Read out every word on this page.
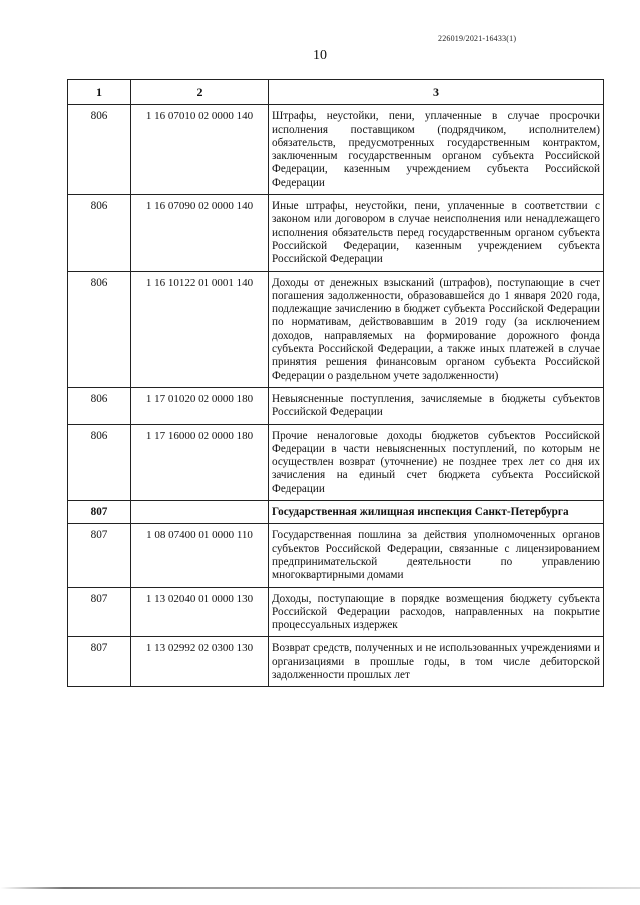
226019/2021-16433(1)
10
1	2	3
806	1 16 07010 02 0000 140	Штрафы, неустойки, пени, уплаченные в случае просрочки исполнения поставщиком (подрядчиком, исполнителем) обязательств, предусмотренных государственным контрактом, заключенным государственным органом субъекта Российской Федерации, казенным учреждением субъекта Российской Федерации
806	1 16 07090 02 0000 140	Иные штрафы, неустойки, пени, уплаченные в соответствии с законом или договором в случае неисполнения или ненадлежащего исполнения обязательств перед государственным органом субъекта Российской Федерации, казенным учреждением субъекта Российской Федерации
806	1 16 10122 01 0001 140	Доходы от денежных взысканий (штрафов), поступающие в счет погашения задолженности, образовавшейся до 1 января 2020 года, подлежащие зачислению в бюджет субъекта Российской Федерации по нормативам, действовавшим в 2019 году (за исключением доходов, направляемых на формирование дорожного фонда субъекта Российской Федерации, а также иных платежей в случае принятия решения финансовым органом субъекта Российской Федерации о раздельном учете задолженности)
806	1 17 01020 02 0000 180	Невыясненные поступления, зачисляемые в бюджеты субъектов Российской Федерации
806	1 17 16000 02 0000 180	Прочие неналоговые доходы бюджетов субъектов Российской Федерации в части невыясненных поступлений, по которым не осуществлен возврат (уточнение) не позднее трех лет со дня их зачисления на единый счет бюджета субъекта Российской Федерации
807		Государственная жилищная инспекция Санкт-Петербурга
807	1 08 07400 01 0000 110	Государственная пошлина за действия уполномоченных органов субъектов Российской Федерации, связанные с лицензированием предпринимательской деятельности по управлению многоквартирными домами
807	1 13 02040 01 0000 130	Доходы, поступающие в порядке возмещения бюджету субъекта Российской Федерации расходов, направленных на покрытие процессуальных издержек
807	1 13 02992 02 0300 130	Возврат средств, полученных и не использованных учреждениями и организациями в прошлые годы, в том числе дебиторской задолженности прошлых лет
